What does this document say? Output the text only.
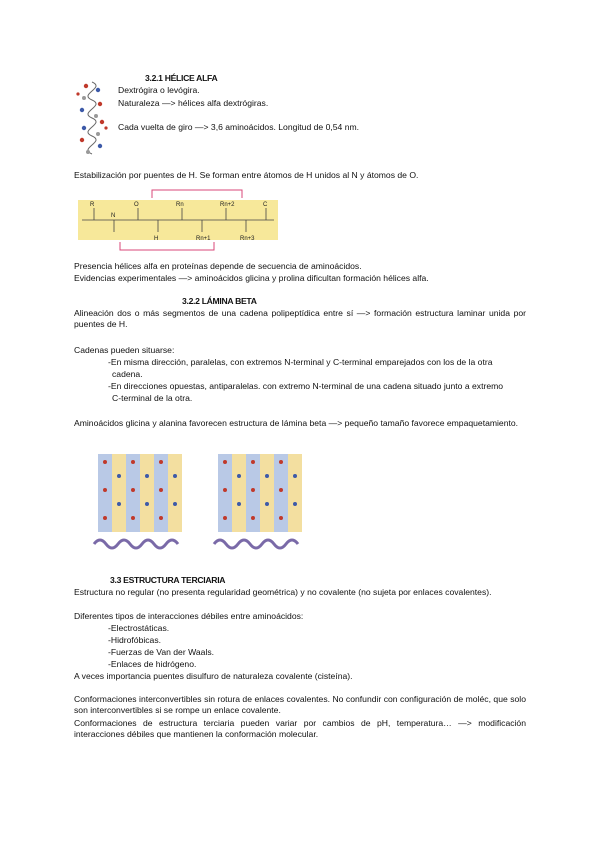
3.2.1 HÉLICE ALFA
Dextrógira o levógira.
Naturaleza —> hélices alfa dextrógiras.
Cada vuelta de giro —> 3,6 aminoácidos. Longitud de 0,54 nm.
Estabilización por puentes de H. Se forman entre átomos de H unidos al N y átomos de O.
R
N
O
H
Rn
Rn+1
Rn+2
Rn+3
C
Presencia hélices alfa en proteínas depende de secuencia de aminoácidos.
Evidencias experimentales —> aminoácidos glicina y prolina dificultan formación hélices alfa.
3.2.2 LÁMINA BETA
Alineación dos o más segmentos de una cadena polipeptídica entre sí —> formación estructura laminar unida por puentes de H.
Cadenas pueden situarse:
-En misma dirección, paralelas, con extremos N-terminal y C-terminal emparejados con los de la otra
cadena.
-En direcciones opuestas, antiparalelas. con extremo N-terminal de una cadena situado junto a extremo
C-terminal de la otra.
Aminoácidos glicina y alanina favorecen estructura de lámina beta —> pequeño tamaño favorece empaquetamiento.
3.3 ESTRUCTURA TERCIARIA
Estructura no regular (no presenta regularidad geométrica) y no covalente (no sujeta por enlaces covalentes).
Diferentes tipos de interacciones débiles entre aminoácidos:
-Electrostáticas.
-Hidrofóbicas.
-Fuerzas de Van der Waals.
-Enlaces de hidrógeno.
A veces importancia puentes disulfuro de naturaleza covalente (cisteína).
Conformaciones interconvertibles sin rotura de enlaces covalentes. No confundir con configuración de moléc, que solo son interconvertibles si se rompe un enlace covalente.
Conformaciones de estructura terciaria pueden variar por cambios de pH, temperatura… —> modificación interacciones débiles que mantienen la conformación molecular.
